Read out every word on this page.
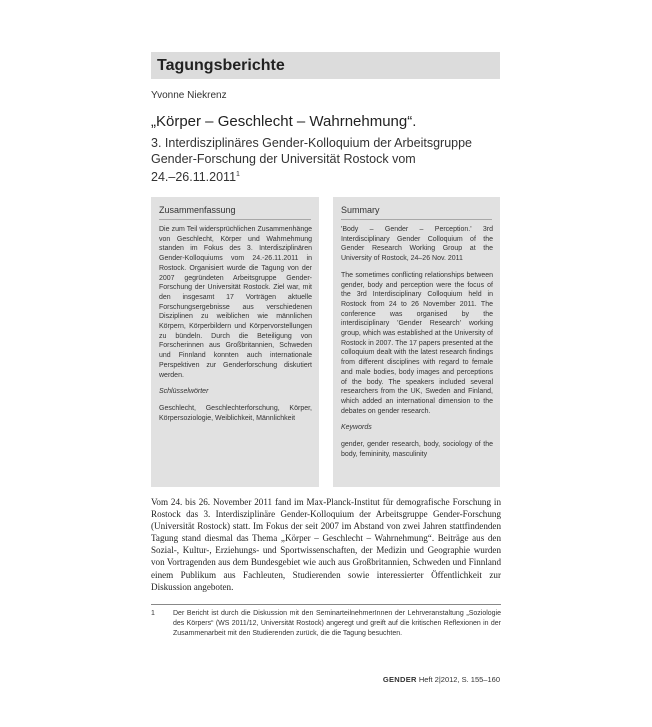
Tagungsberichte
Yvonne Niekrenz
„Körper – Geschlecht – Wahrnehmung“.
3. Interdisziplinäres Gender-Kolloquium der Arbeitsgruppe
Gender-Forschung der Universität Rostock vom
24.–26.11.2011$^1$
Zusammenfassung

Die zum Teil widersprüchlichen Zusammenhänge von Geschlecht, Körper und Wahrnehmung standen im Fokus des 3. Interdisziplinären Gender-Kolloquiums vom 24.-26.11.2011 in Rostock. Organisiert wurde die Tagung von der 2007 gegründeten Arbeitsgruppe Gender-Forschung der Universität Rostock. Ziel war, mit den insgesamt 17 Vorträgen aktuelle Forschungsergebnisse aus verschiedenen Disziplinen zu weiblichen wie männlichen Körpern, Körperbildern und Körpervorstellungen zu bündeln. Durch die Beteiligung von Forscherinnen aus Großbritannien, Schweden und Finnland konnten auch internationale Perspektiven zur Genderforschung diskutiert werden.

Schlüsselwörter

Geschlecht, Geschlechterforschung, Körper, Körpersoziologie, Weiblichkeit, Männlichkeit

Summary

'Body – Gender – Perception.' 3rd Interdisciplinary Gender Colloquium of the Gender Research Working Group at the University of Rostock, 24–26 Nov. 2011

The sometimes conflicting relationships between gender, body and perception were the focus of the 3rd Interdisciplinary Colloquium held in Rostock from 24 to 26 November 2011. The conference was organised by the interdisciplinary 'Gender Research' working group, which was established at the University of Rostock in 2007. The 17 papers presented at the colloquium dealt with the latest research findings from different disciplines with regard to female and male bodies, body images and perceptions of the body. The speakers included several researchers from the UK, Sweden and Finland, which added an international dimension to the debates on gender research.

Keywords

gender, gender research, body, sociology of the body, femininity, masculinity

Vom 24. bis 26. November 2011 fand im Max-Planck-Institut für demografische Forschung in Rostock das 3. Interdisziplinäre Gender-Kolloquium der Arbeitsgruppe Gender-Forschung (Universität Rostock) statt. Im Fokus der seit 2007 im Abstand von zwei Jahren stattfindenden Tagung stand diesmal das Thema „Körper – Geschlecht – Wahrnehmung“. Beiträge aus den Sozial-, Kultur-, Erziehungs- und Sportwissenschaften, der Medizin und Geographie wurden von Vortragenden aus dem Bundesgebiet wie auch aus Großbritannien, Schweden und Finnland einem Publikum aus Fachleuten, Studierenden sowie interessierter Öffentlichkeit zur Diskussion angeboten.
1	Der Bericht ist durch die Diskussion mit den SeminarteilnehmerInnen der Lehrveranstaltung „Soziologie des Körpers“ (WS 2011/12, Universität Rostock) angeregt und greift auf die kritischen Reflexionen in der Zusammenarbeit mit den Studierenden zurück, die die Tagung besuchten.
GENDER Heft 2|2012, S. 155–160
